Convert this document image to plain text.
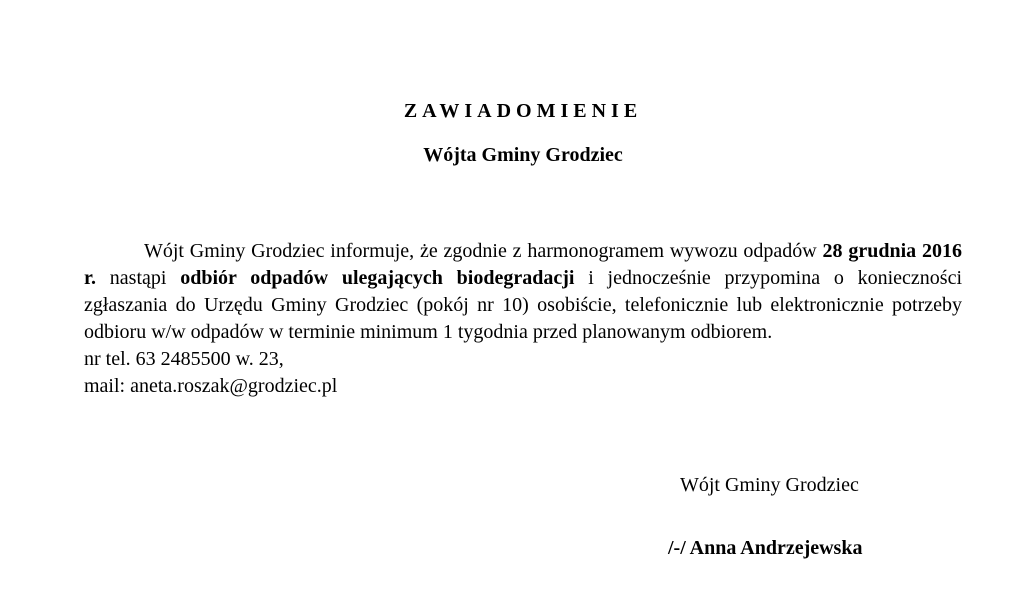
ZAWIADOMIENIE
Wójta Gminy Grodziec

Wójt Gminy Grodziec informuje, że zgodnie z harmonogramem wywozu odpadów 28 grudnia 2016 r. nastąpi odbiór odpadów ulegających biodegradacji i jednocześnie przypomina o konieczności zgłaszania do Urzędu Gminy Grodziec (pokój nr 10) osobiście, telefonicznie lub elektronicznie potrzeby odbioru w/w odpadów w terminie minimum 1 tygodnia przed planowanym odbiorem.

nr tel. 63 2485500 w. 23,

mail: aneta.roszak@grodziec.pl

Wójt Gminy Grodziec
/-/ Anna Andrzejewska
